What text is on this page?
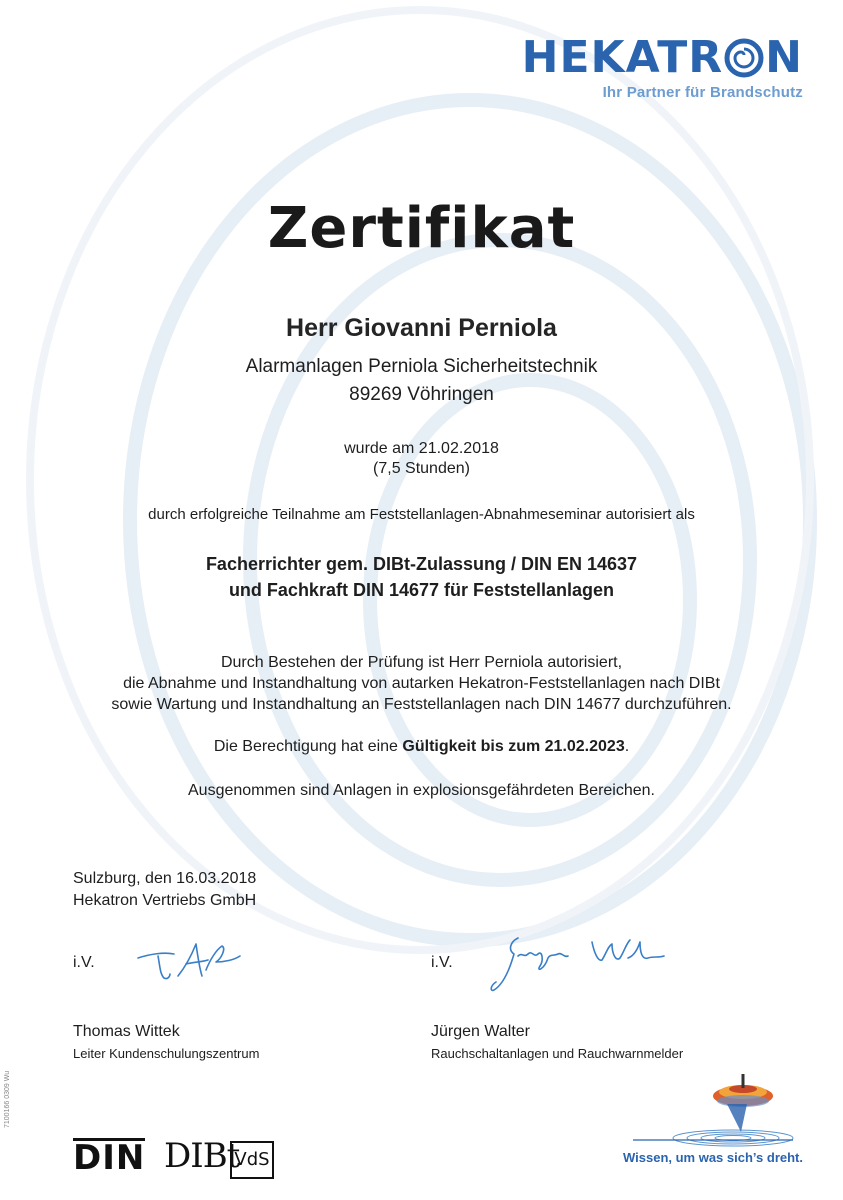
HEKATR N
Ihr Partner für Brandschutz
Zertifikat
Herr Giovanni Perniola
Alarmanlagen Perniola Sicherheitstechnik
89269 Vöhringen
wurde am 21.02.2018
(7,5 Stunden)
durch erfolgreiche Teilnahme am Feststellanlagen-Abnahmeseminar autorisiert als
Facherrichter gem. DIBt-Zulassung / DIN EN 14637
und Fachkraft DIN 14677 für Feststellanlagen
Durch Bestehen der Prüfung ist Herr Perniola autorisiert,
die Abnahme und Instandhaltung von autarken Hekatron-Feststellanlagen nach DIBt
sowie Wartung und Instandhaltung an Feststellanlagen nach DIN 14677 durchzuführen.
Die Berechtigung hat eine Gültigkeit bis zum 21.02.2023.
Ausgenommen sind Anlagen in explosionsgefährdeten Bereichen.
Sulzburg, den 16.03.2018
Hekatron Vertriebs GmbH
i.V.
Thomas Wittek
Leiter Kundenschulungszentrum
i.V.
Jürgen Walter
Rauchschaltanlagen und Rauchwarnmelder
7100166 0309 Wu
DIN DIBt
VdS	Wissen, um was sich’s dreht.
